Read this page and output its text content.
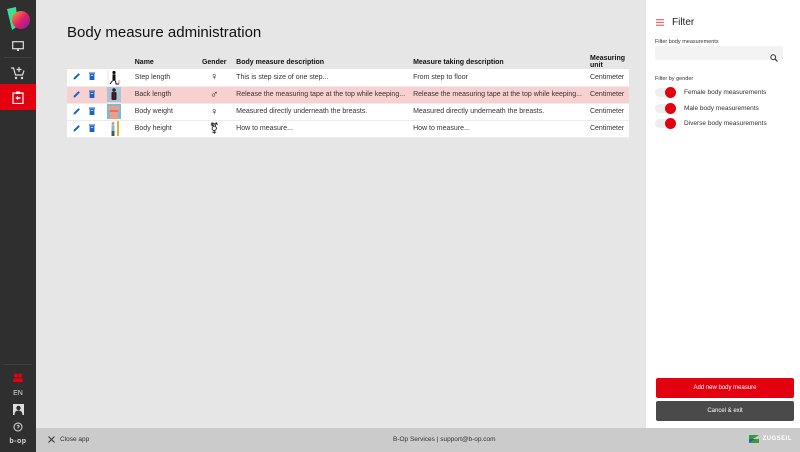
EN
b-op
Body measure administration
		Name	Gender	Body measure description	Measure taking description	Measuring unit

	Step length	♀	This is step size of one step...	From step to floor	Centimeter

	Back length	♂	Release the measuring tape at the top while keeping...	Release the measuring tape at the top while keeping...	Centimeter

	Body weight	♀	Measured directly underneath the breasts.	Measured directly underneath the breasts.	Centimeter

	Body height	⚧	How to measure...	How to measure...	Centimeter
Filter
Filter body measurements
Filter by gender
Female body measurements
Male body measurements
Diverse body measurements
Add new body measure
Cancel & exit
Close app	B-Op Services | support@b-op.com	ZUGSEIL
